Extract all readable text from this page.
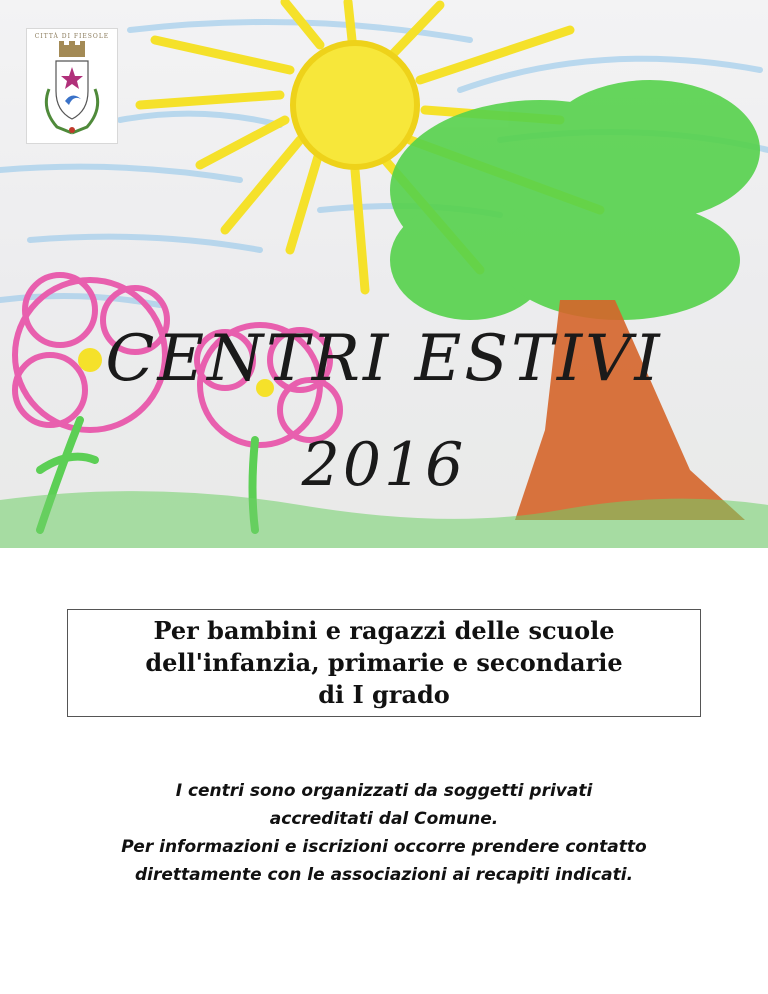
CITTÀ DI FIESOLE
CENTRI ESTIVI
2016
Per bambini e ragazzi delle scuole
dell'infanzia, primarie e secondarie
di I grado
I centri sono organizzati da soggetti privati
accreditati dal Comune.
Per informazioni e iscrizioni occorre prendere contatto
direttamente con le associazioni ai recapiti indicati.
